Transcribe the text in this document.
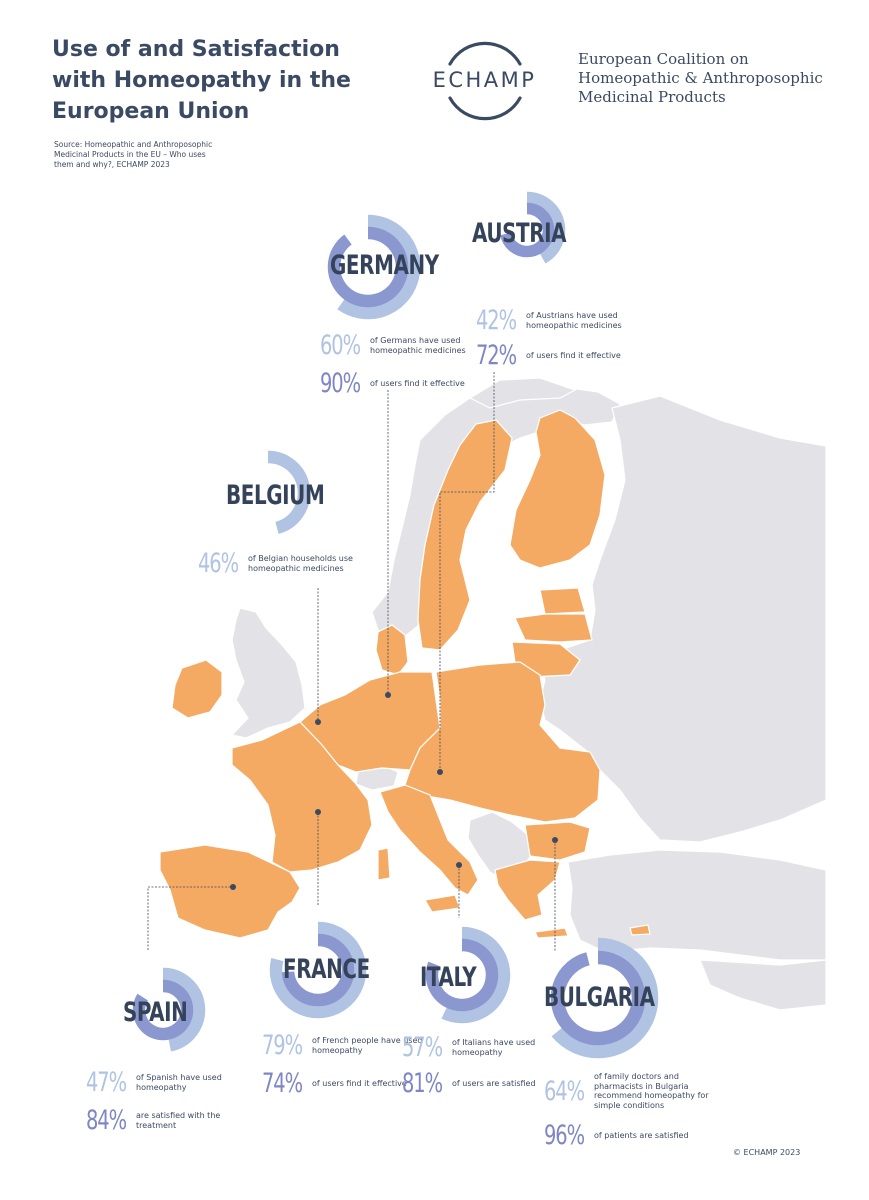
Use of and Satisfaction with Homeopathy in the European Union
Source: Homeopathic and Anthroposophic Medicinal Products in the EU – Who uses them and why?, ECHAMP 2023
ECHAMP
European Coalition on Homeopathic & Anthroposophic Medicinal Products
GERMANY
60% of Germans have used homeopathic medicines
90% of users find it effective
AUSTRIA
42% of Austrians have used homeopathic medicines
72% of users find it effective
BELGIUM
46% of Belgian households use homeopathic medicines
SPAIN
47% of Spanish have used homeopathy
84% are satisfied with the treatment
FRANCE
79% of French people have used homeopathy
74% of users find it effective
ITALY
57% of Italians have used homeopathy
81% of users are satisfied
BULGARIA
64% of family doctors and pharmacists in Bulgaria recommend homeopathy for simple conditions
96% of patients are satisfied
© ECHAMP 2023
